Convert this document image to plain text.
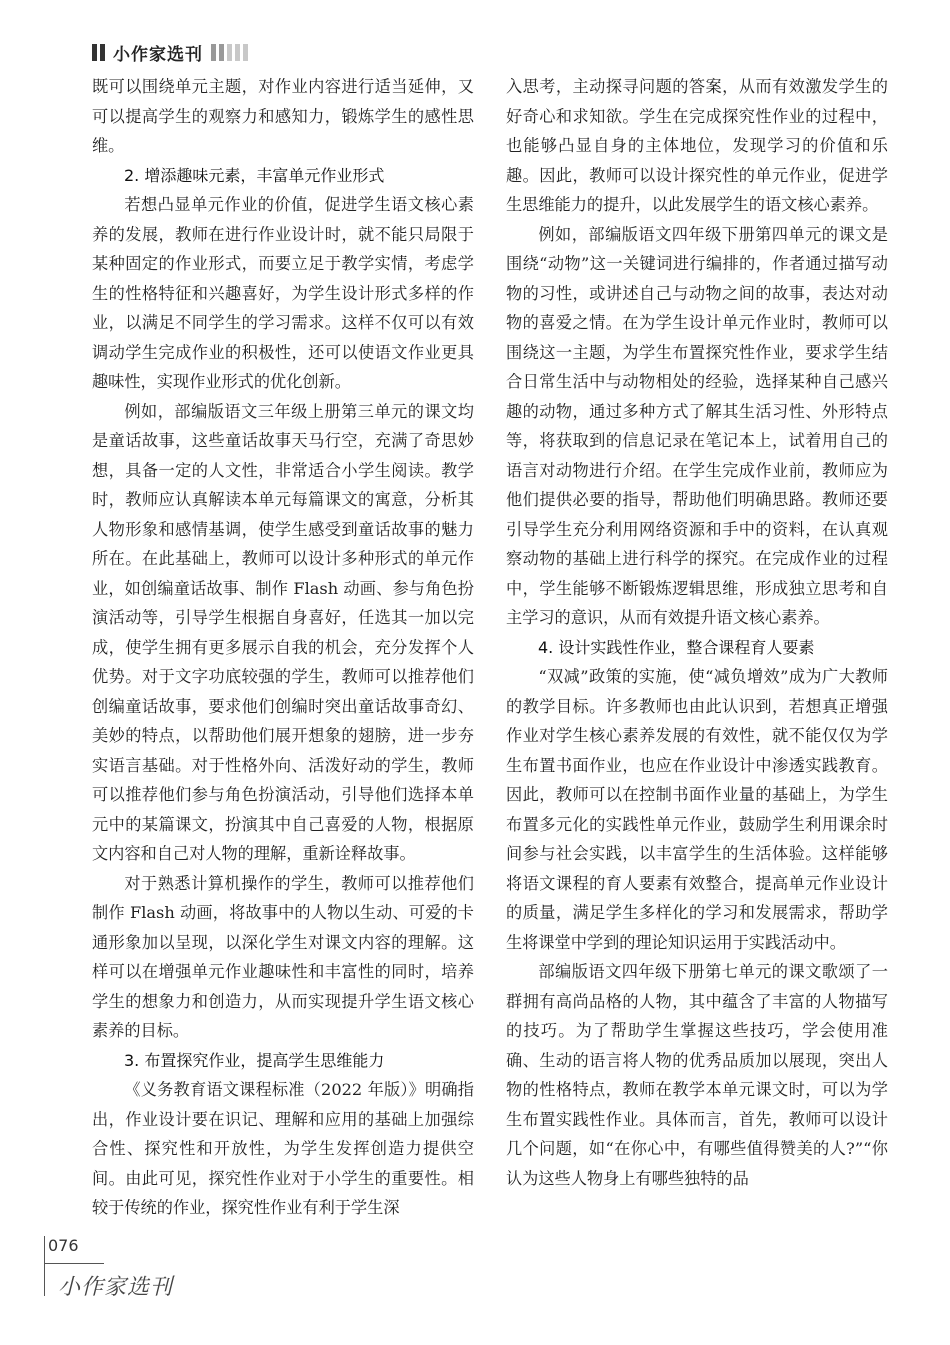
小作家选刊

既可以围绕单元主题，对作业内容进行适当延伸，又可以提高学生的观察力和感知力，锻炼学生的感性思维。

2. 增添趣味元素，丰富单元作业形式

若想凸显单元作业的价值，促进学生语文核心素养的发展，教师在进行作业设计时，就不能只局限于某种固定的作业形式，而要立足于教学实情，考虑学生的性格特征和兴趣喜好，为学生设计形式多样的作业，以满足不同学生的学习需求。这样不仅可以有效调动学生完成作业的积极性，还可以使语文作业更具趣味性，实现作业形式的优化创新。

例如，部编版语文三年级上册第三单元的课文均是童话故事，这些童话故事天马行空，充满了奇思妙想，具备一定的人文性，非常适合小学生阅读。教学时，教师应认真解读本单元每篇课文的寓意，分析其人物形象和感情基调，使学生感受到童话故事的魅力所在。在此基础上，教师可以设计多种形式的单元作业，如创编童话故事、制作 Flash 动画、参与角色扮演活动等，引导学生根据自身喜好，任选其一加以完成，使学生拥有更多展示自我的机会，充分发挥个人优势。对于文字功底较强的学生，教师可以推荐他们创编童话故事，要求他们创编时突出童话故事奇幻、美妙的特点，以帮助他们展开想象的翅膀，进一步夯实语言基础。对于性格外向、活泼好动的学生，教师可以推荐他们参与角色扮演活动，引导他们选择本单元中的某篇课文，扮演其中自己喜爱的人物，根据原文内容和自己对人物的理解，重新诠释故事。

对于熟悉计算机操作的学生，教师可以推荐他们制作 Flash 动画，将故事中的人物以生动、可爱的卡通形象加以呈现，以深化学生对课文内容的理解。这样可以在增强单元作业趣味性和丰富性的同时，培养学生的想象力和创造力，从而实现提升学生语文核心素养的目标。

3. 布置探究作业，提高学生思维能力

《义务教育语文课程标准（2022 年版）》明确指出，作业设计要在识记、理解和应用的基础上加强综合性、探究性和开放性，为学生发挥创造力提供空间。由此可见，探究性作业对于小学生的重要性。相较于传统的作业，探究性作业有利于学生深

入思考，主动探寻问题的答案，从而有效激发学生的好奇心和求知欲。学生在完成探究性作业的过程中，也能够凸显自身的主体地位，发现学习的价值和乐趣。因此，教师可以设计探究性的单元作业，促进学生思维能力的提升，以此发展学生的语文核心素养。

例如，部编版语文四年级下册第四单元的课文是围绕“动物”这一关键词进行编排的，作者通过描写动物的习性，或讲述自己与动物之间的故事，表达对动物的喜爱之情。在为学生设计单元作业时，教师可以围绕这一主题，为学生布置探究性作业，要求学生结合日常生活中与动物相处的经验，选择某种自己感兴趣的动物，通过多种方式了解其生活习性、外形特点等，将获取到的信息记录在笔记本上，试着用自己的语言对动物进行介绍。在学生完成作业前，教师应为他们提供必要的指导，帮助他们明确思路。教师还要引导学生充分利用网络资源和手中的资料，在认真观察动物的基础上进行科学的探究。在完成作业的过程中，学生能够不断锻炼逻辑思维，形成独立思考和自主学习的意识，从而有效提升语文核心素养。

4. 设计实践性作业，整合课程育人要素

“双减”政策的实施，使“减负增效”成为广大教师的教学目标。许多教师也由此认识到，若想真正增强作业对学生核心素养发展的有效性，就不能仅仅为学生布置书面作业，也应在作业设计中渗透实践教育。因此，教师可以在控制书面作业量的基础上，为学生布置多元化的实践性单元作业，鼓励学生利用课余时间参与社会实践，以丰富学生的生活体验。这样能够将语文课程的育人要素有效整合，提高单元作业设计的质量，满足学生多样化的学习和发展需求，帮助学生将课堂中学到的理论知识运用于实践活动中。

部编版语文四年级下册第七单元的课文歌颂了一群拥有高尚品格的人物，其中蕴含了丰富的人物描写的技巧。为了帮助学生掌握这些技巧，学会使用准确、生动的语言将人物的优秀品质加以展现，突出人物的性格特点，教师在教学本单元课文时，可以为学生布置实践性作业。具体而言，首先，教师可以设计几个问题，如“在你心中，有哪些值得赞美的人?”“你认为这些人物身上有哪些独特的品

076
小作家选刊
